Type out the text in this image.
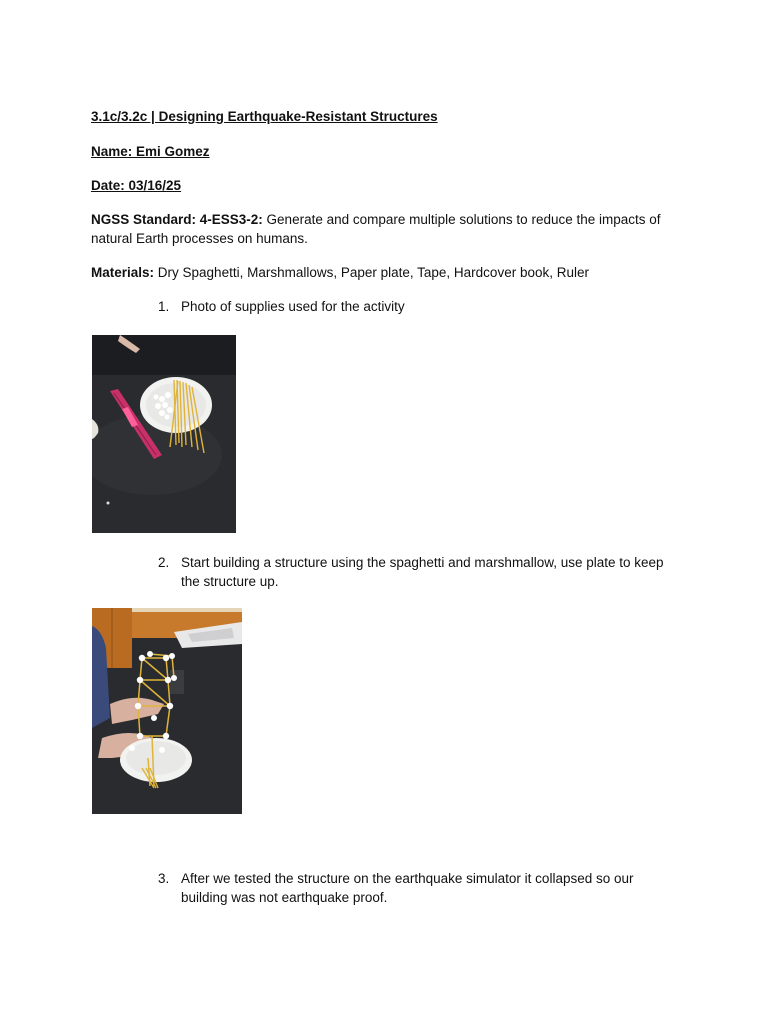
3.1c/3.2c | Designing Earthquake-Resistant Structures
Name: Emi Gomez
Date: 03/16/25
NGSS Standard: 4-ESS3-2: Generate and compare multiple solutions to reduce the impacts of natural Earth processes on humans.
Materials: Dry Spaghetti, Marshmallows, Paper plate, Tape, Hardcover book, Ruler
1. Photo of supplies used for the activity
2. Start building a structure using the spaghetti and marshmallow, use plate to keep the structure up.
3. After we tested the structure on the earthquake simulator it collapsed so our building was not earthquake proof.
